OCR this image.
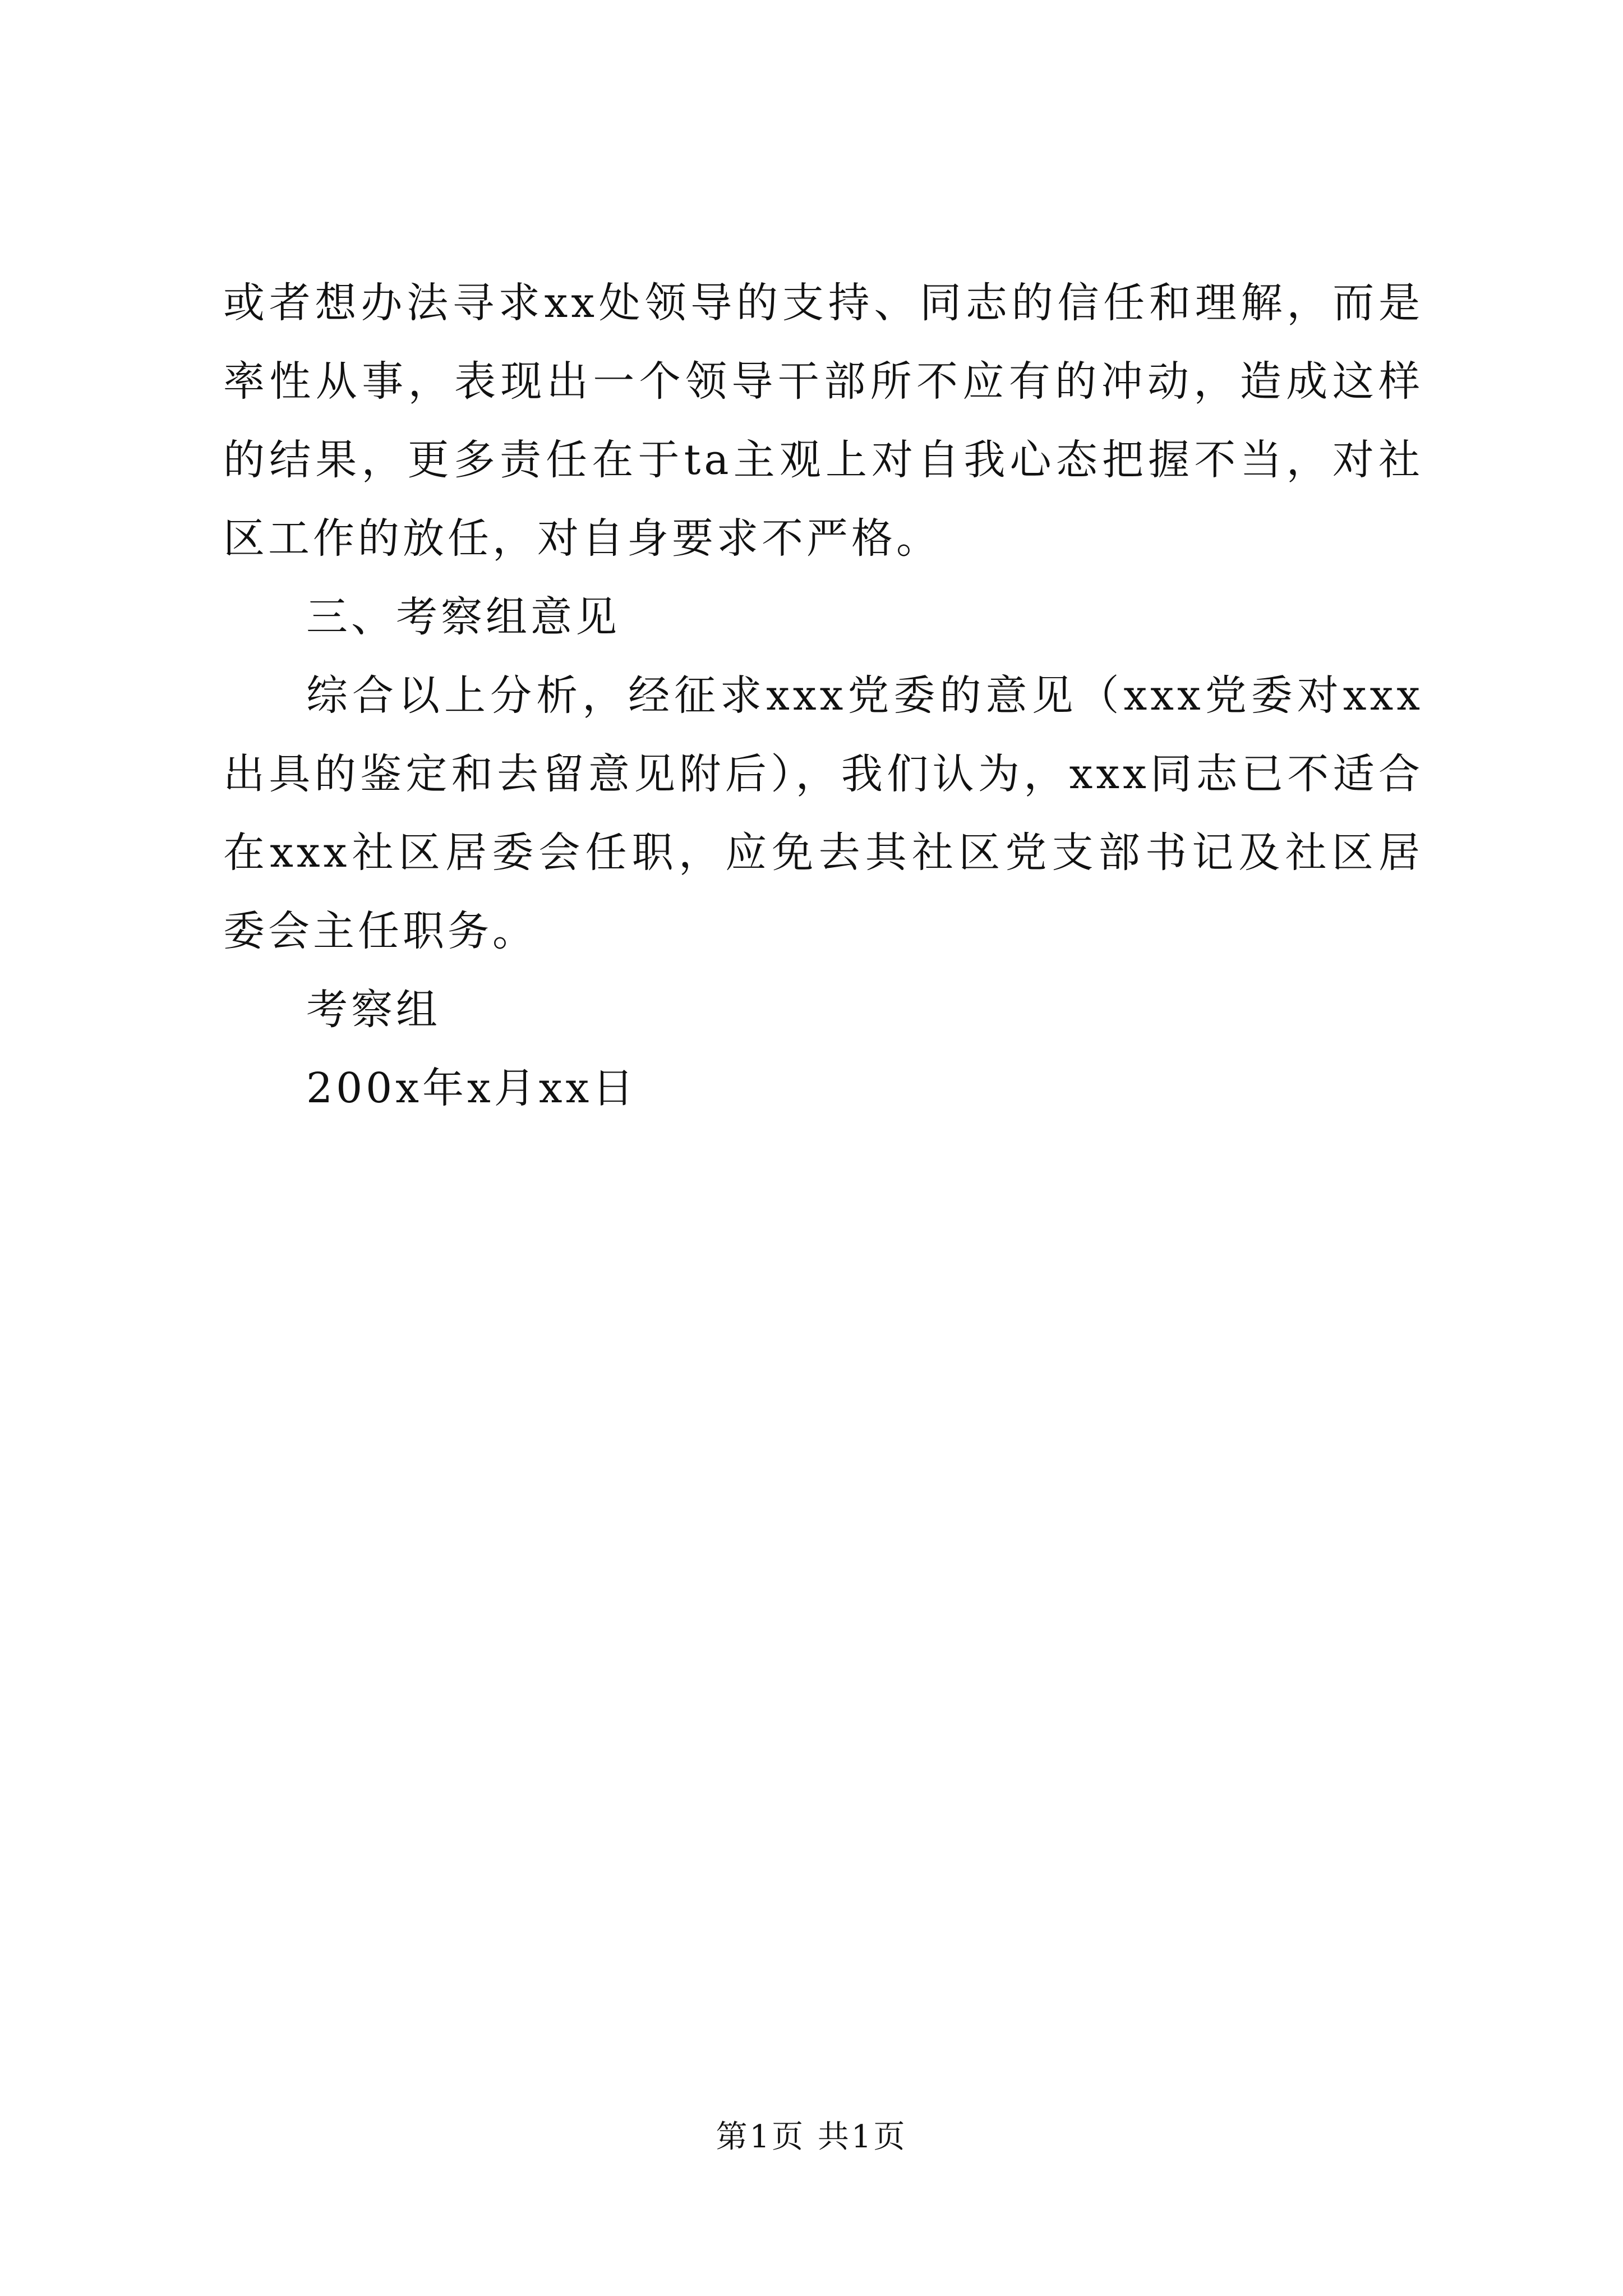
或者想办法寻求xx处领导的支持、同志的信任和理解，而是率性从事，表现出一个领导干部所不应有的冲动，造成这样的结果，更多责任在于ta主观上对自我心态把握不当，对社区工作的放任，对自身要求不严格。

三、考察组意见

综合以上分析，经征求xxx党委的意见（xxx党委对xxx出具的鉴定和去留意见附后），我们认为，xxx同志已不适合在xxx社区居委会任职，应免去其社区党支部书记及社区居委会主任职务。

考察组

200x年x月xx日

第1页 共1页
